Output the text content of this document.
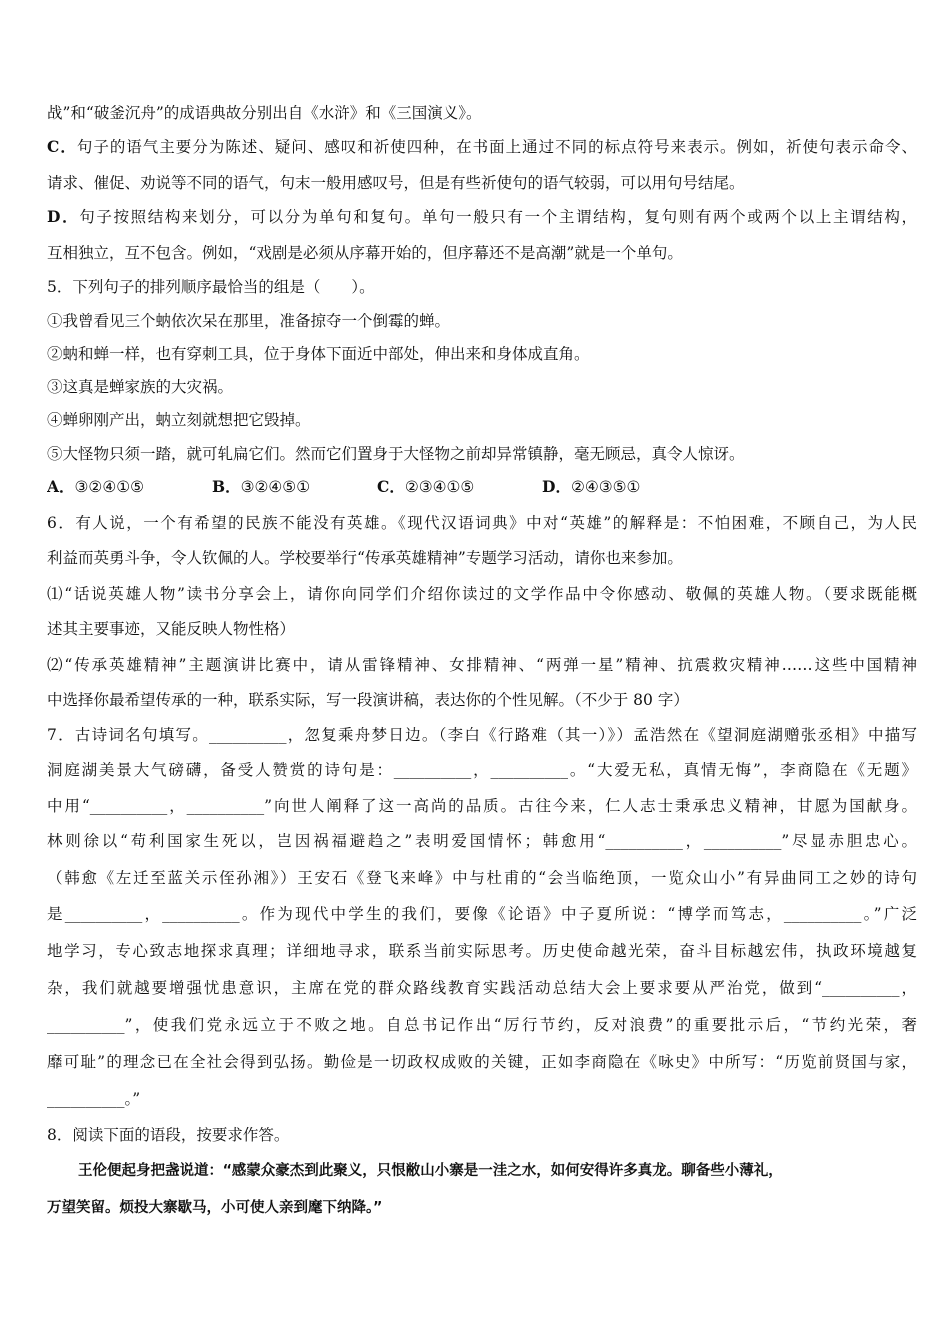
战”和“破釜沉舟”的成语典故分别出自《水浒》和《三国演义》。
C．句子的语气主要分为陈述、疑问、感叹和祈使四种，在书面上通过不同的标点符号来表示。例如，祈使句表示命令、
请求、催促、劝说等不同的语气，句末一般用感叹号，但是有些祈使句的语气较弱，可以用句号结尾。
D．句子按照结构来划分，可以分为单句和复句。单句一般只有一个主谓结构，复句则有两个或两个以上主谓结构，
互相独立，互不包含。例如，“戏剧是必须从序幕开始的，但序幕还不是高潮”就是一个单句。
5．下列句子的排列顺序最恰当的组是（　　）。
①我曾看见三个蚋依次呆在那里，准备掠夺一个倒霉的蝉。
②蚋和蝉一样，也有穿刺工具，位于身体下面近中部处，伸出来和身体成直角。
③这真是蝉家族的大灾祸。
④蝉卵刚产出，蚋立刻就想把它毁掉。
⑤大怪物只须一踏，就可轧扁它们。然而它们置身于大怪物之前却异常镇静，毫无顾忌，真令人惊讶。
A．③②④①⑤	B．③②④⑤①	C．②③④①⑤	D．②④③⑤①
6．有人说，一个有希望的民族不能没有英雄。《现代汉语词典》中对“英雄”的解释是：不怕困难，不顾自己，为人民
利益而英勇斗争，令人钦佩的人。学校要举行“传承英雄精神”专题学习活动，请你也来参加。
⑴“话说英雄人物”读书分享会上，请你向同学们介绍你读过的文学作品中令你感动、敬佩的英雄人物。（要求既能概
述其主要事迹，又能反映人物性格）
⑵“传承英雄精神”主题演讲比赛中，请从雷锋精神、女排精神、“两弹一星”精神、抗震救灾精神……这些中国精神
中选择你最希望传承的一种，联系实际，写一段演讲稿，表达你的个性见解。（不少于 80 字）
7．古诗词名句填写。__________，忽复乘舟梦日边。（李白《行路难（其一）》）孟浩然在《望洞庭湖赠张丞相》中描写
洞庭湖美景大气磅礴，备受人赞赏的诗句是：__________，__________。“大爱无私，真情无悔”，李商隐在《无题》
中用“__________，__________”向世人阐释了这一高尚的品质。古往今来，仁人志士秉承忠义精神，甘愿为国献身。
林则徐以“苟利国家生死以，岂因祸福避趋之”表明爱国情怀；韩愈用“__________，__________”尽显赤胆忠心。
（韩愈《左迁至蓝关示侄孙湘》）王安石《登飞来峰》中与杜甫的“会当临绝顶，一览众山小”有异曲同工之妙的诗句
是__________，__________。作为现代中学生的我们，要像《论语》中子夏所说：“博学而笃志，__________。”广泛
地学习，专心致志地探求真理；详细地寻求，联系当前实际思考。历史使命越光荣，奋斗目标越宏伟，执政环境越复
杂，我们就越要增强忧患意识，主席在党的群众路线教育实践活动总结大会上要求要从严治党，做到“__________，
__________”，使我们党永远立于不败之地。自总书记作出“厉行节约，反对浪费”的重要批示后，“节约光荣，奢
靡可耻”的理念已在全社会得到弘扬。勤俭是一切政权成败的关键，正如李商隐在《咏史》中所写：“历览前贤国与家，
__________。”
8．阅读下面的语段，按要求作答。
王伦便起身把盏说道：“感蒙众豪杰到此聚义，只恨敝山小寨是一洼之水，如何安得许多真龙。聊备些小薄礼，
万望笑留。烦投大寨歇马，小可使人亲到麾下纳降。”
